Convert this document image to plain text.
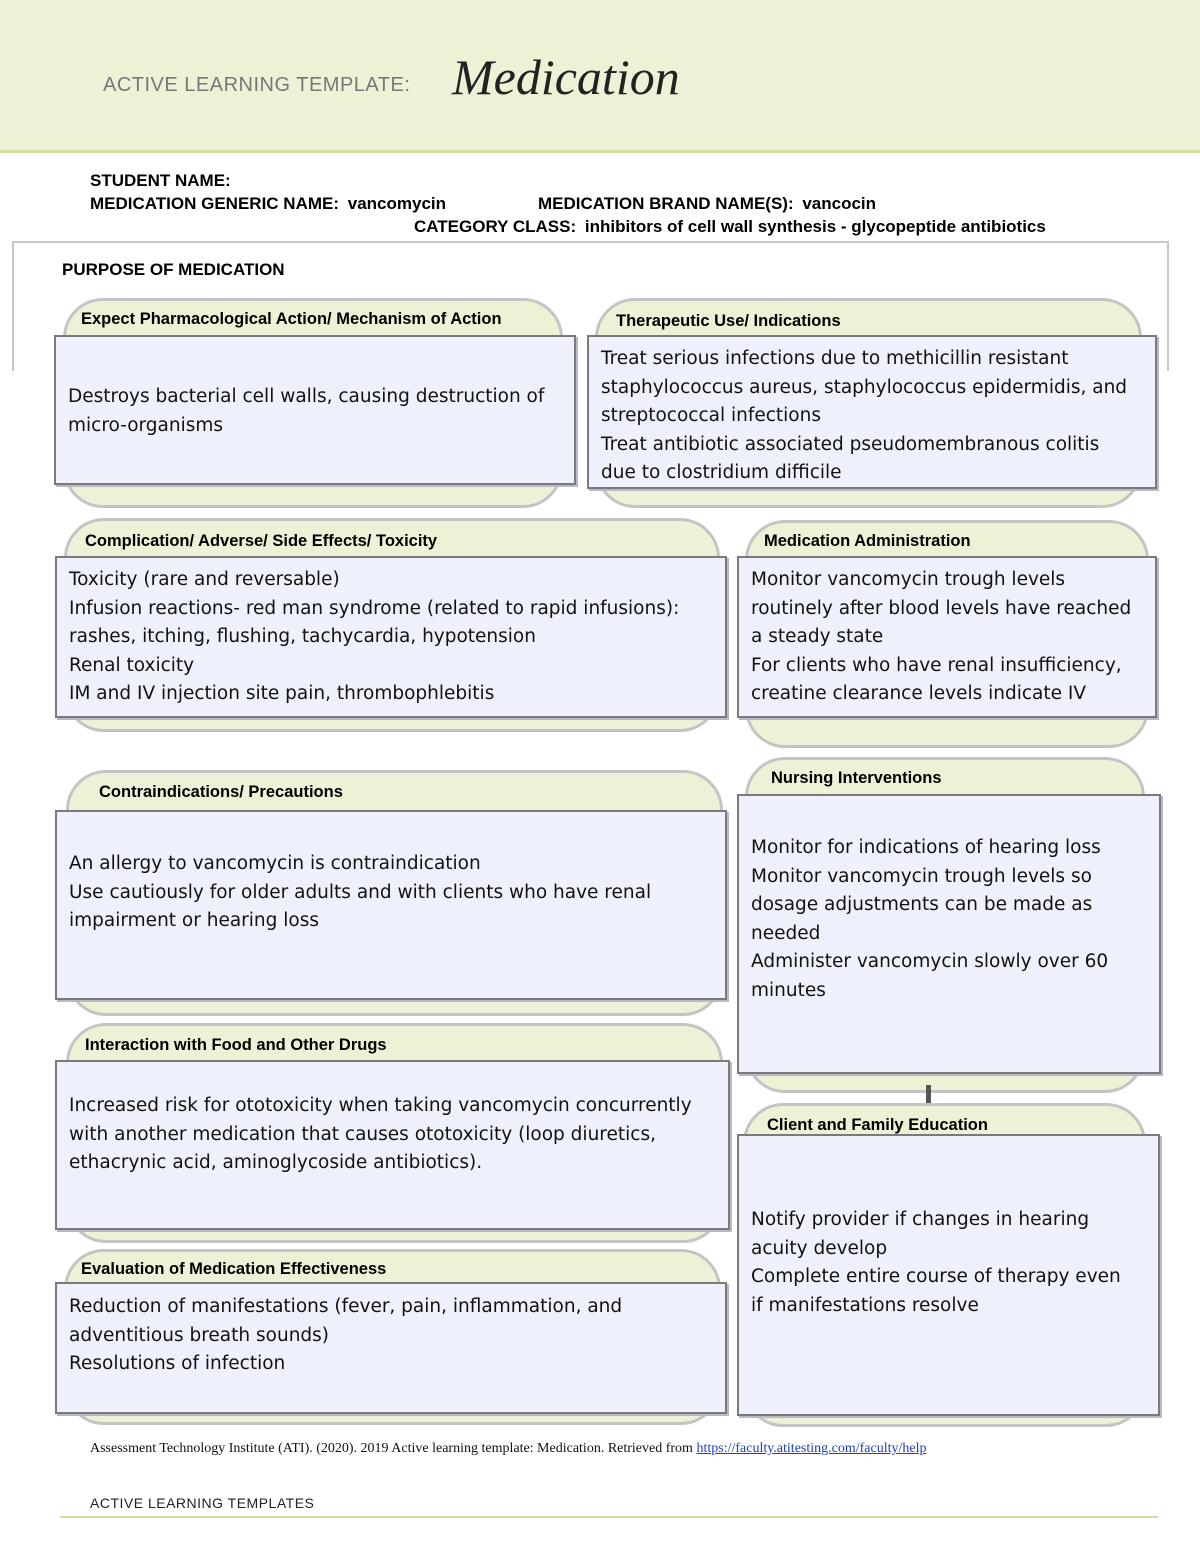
ACTIVE LEARNING TEMPLATE: Medication
STUDENT NAME:
MEDICATION GENERIC NAME: vancomycin	MEDICATION BRAND NAME(S): vancocin
CATEGORY CLASS: inhibitors of cell wall synthesis - glycopeptide antibiotics
PURPOSE OF MEDICATION
Expect Pharmacological Action/ Mechanism of Action	Therapeutic Use/ Indications
Complication/ Adverse/ Side Effects/ Toxicity	Medication Administration
Contraindications/ Precautions
Nursing Interventions
Interaction with Food and Other Drugs
Client and Family Education
Evaluation of Medication Effectiveness
Destroys bacterial cell walls, causing destruction of
micro-organisms
Treat serious infections due to methicillin resistant
staphylococcus aureus, staphylococcus epidermidis, and
streptococcal infections
Treat antibiotic associated pseudomembranous colitis
due to clostridium difficile
Toxicity (rare and reversable)
Infusion reactions- red man syndrome (related to rapid infusions):
rashes, itching, flushing, tachycardia, hypotension
Renal toxicity
IM and IV injection site pain, thrombophlebitis
Monitor vancomycin trough levels
routinely after blood levels have reached
a steady state
For clients who have renal insufficiency,
creatine clearance levels indicate IV
An allergy to vancomycin is contraindication
Use cautiously for older adults and with clients who have renal
impairment or hearing loss
Monitor for indications of hearing loss
Monitor vancomycin trough levels so
dosage adjustments can be made as
needed
Administer vancomycin slowly over 60
minutes
Increased risk for ototoxicity when taking vancomycin concurrently
with another medication that causes ototoxicity (loop diuretics,
ethacrynic acid, aminoglycoside antibiotics).
Notify provider if changes in hearing
acuity develop
Complete entire course of therapy even
if manifestations resolve
Reduction of manifestations (fever, pain, inflammation, and
adventitious breath sounds)
Resolutions of infection
Assessment Technology Institute (ATI). (2020). 2019 Active learning template: Medication. Retrieved from https://faculty.atitesting.com/faculty/help
ACTIVE LEARNING TEMPLATES
